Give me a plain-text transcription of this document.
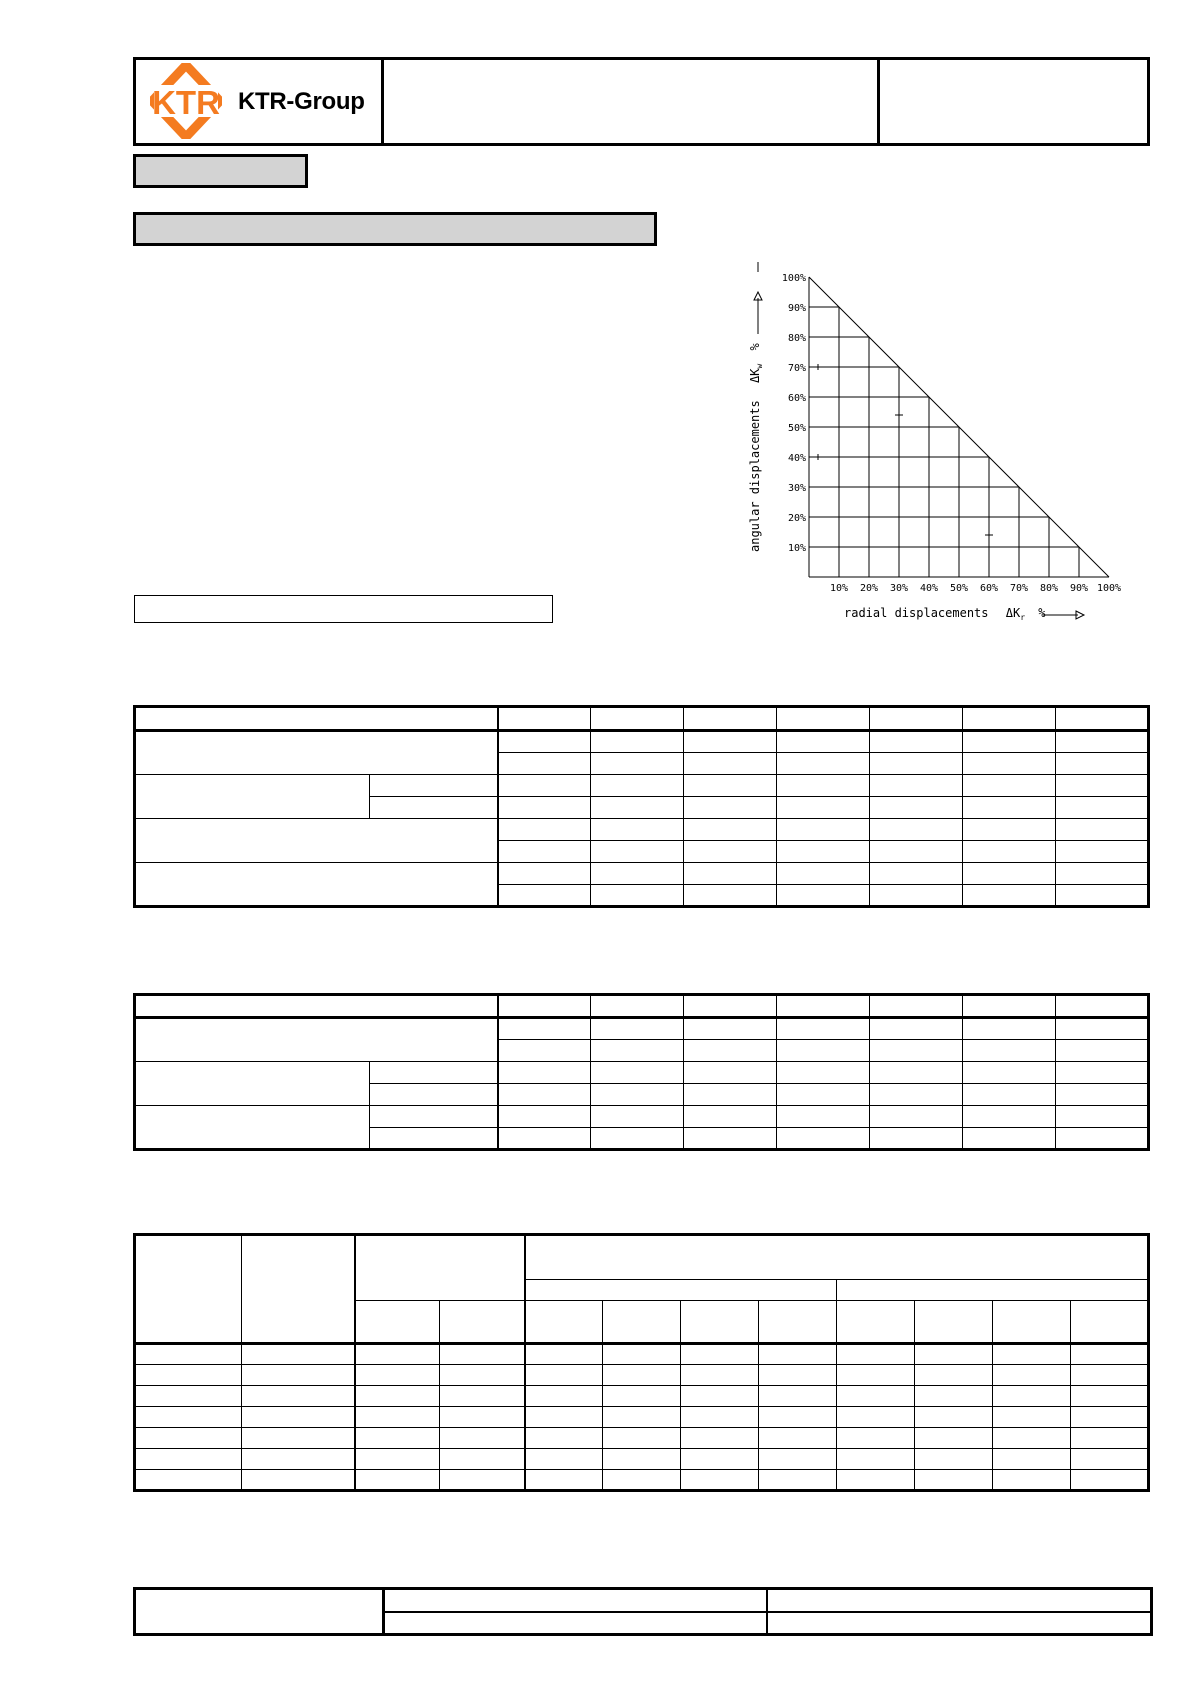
KTR KTR-Group
10%
20%
30%
40%
50%
60%
70%
80%
90%
100%
10% 20% 30% 40% 50% 60% 70% 80% 90% 100%
angular displacements $\Delta K_w$ %
radial displacements $\Delta K_r$ %
